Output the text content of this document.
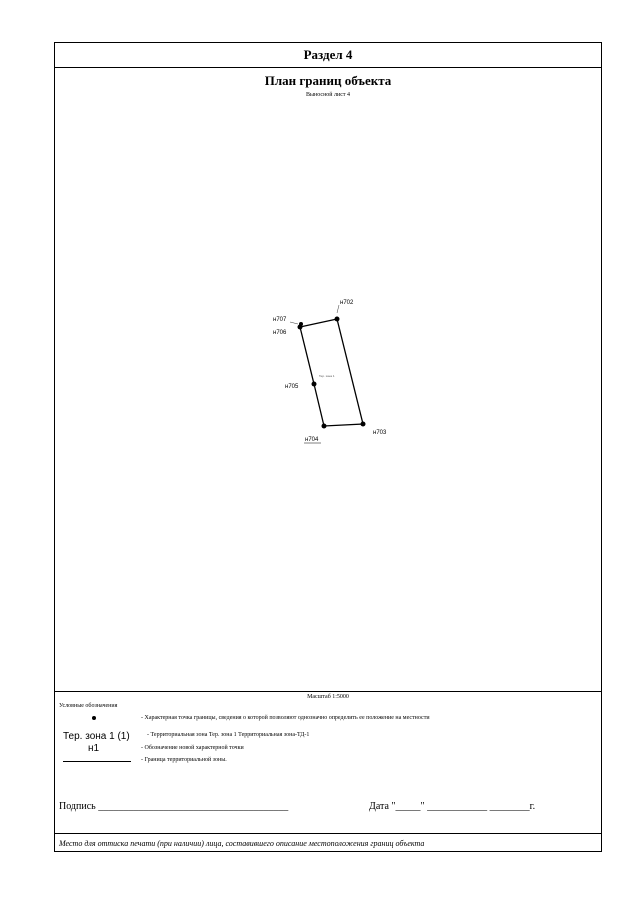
Раздел 4
План границ объекта
Выносной лист 4
н702
н703
н704
н705
н706
н707
Тер. зона 1
Масштаб 1:5000
Условные обозначения
- Характерная точка границы, сведения о которой позволяют однозначно определить ее положение на местности
Тер. зона 1 (1)	- Территориальная зона Тер. зона 1 Территориальная зона-ТД-1
н1	- Обозначение новой характерной точки
- Граница территориальной зоны.
Подпись ______________________________________	Дата "_____" ____________ ________г.
Место для оттиска печати (при наличии) лица, составившего описание местоположения границ объекта
